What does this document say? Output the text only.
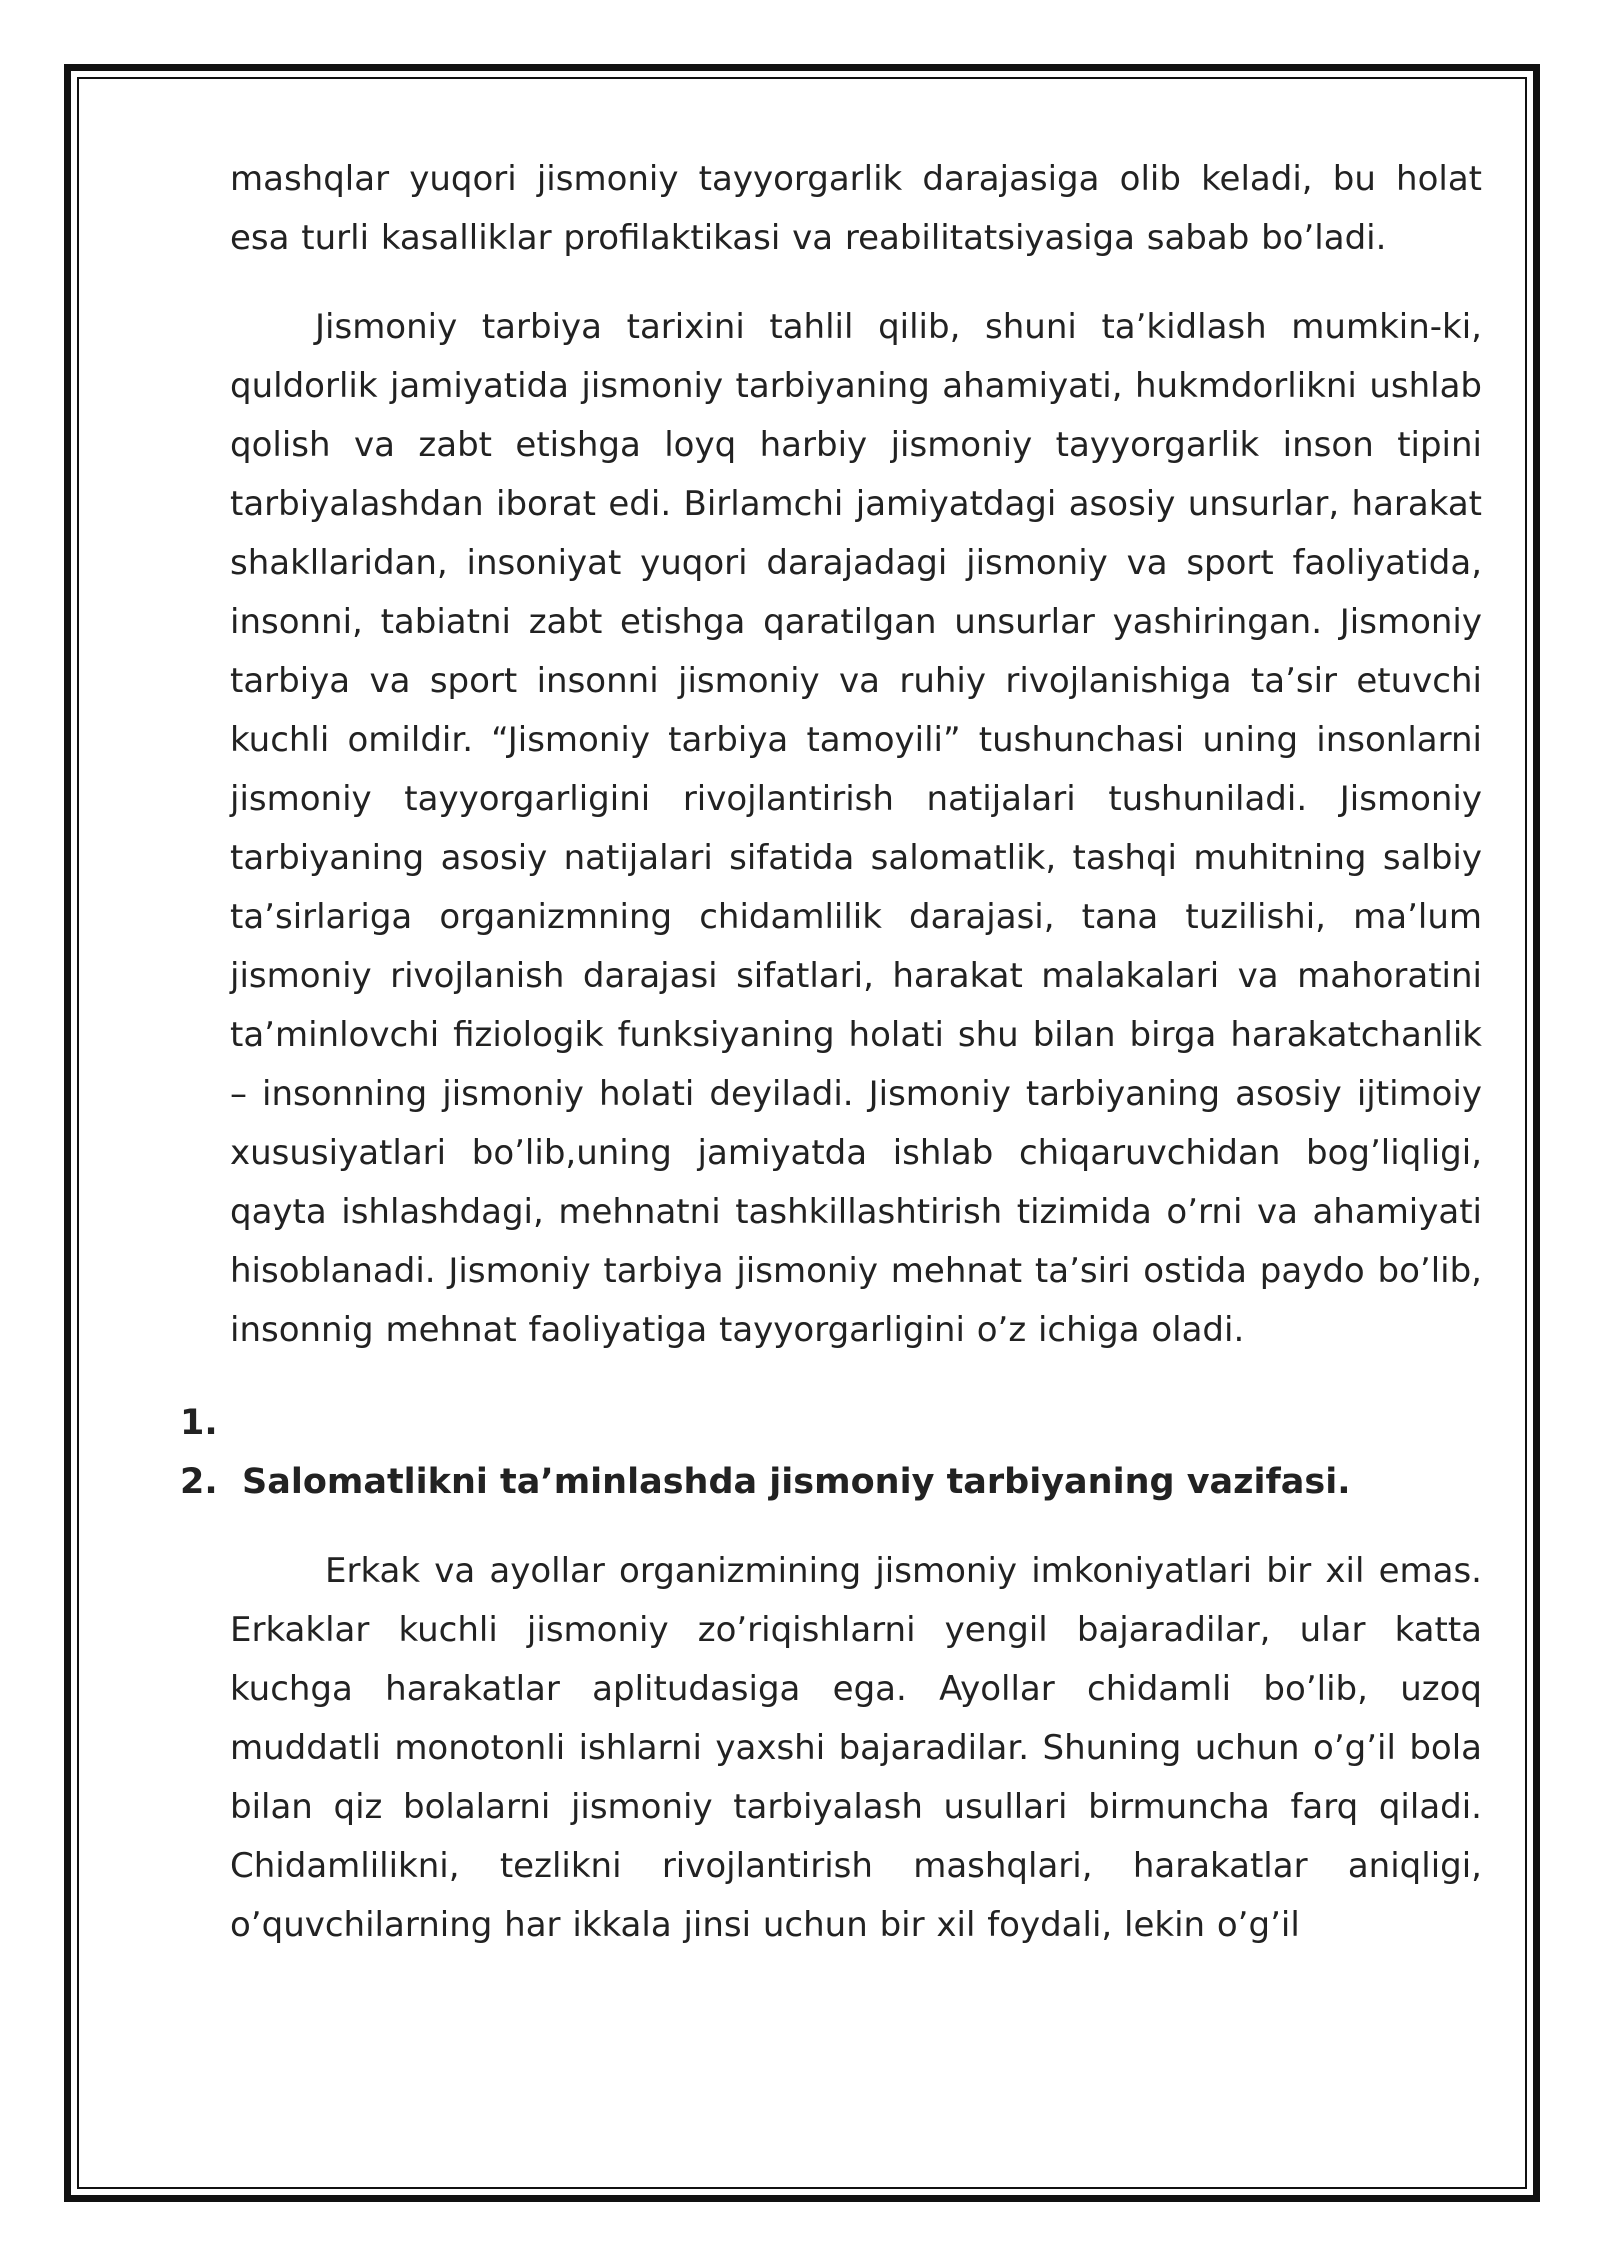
mashqlar yuqori jismoniy tayyorgarlik darajasiga olib keladi, bu holat esa turli kasalliklar profilaktikasi va reabilitatsiyasiga sabab bo’ladi.

Jismoniy tarbiya tarixini tahlil qilib, shuni ta’kidlash mumkin-ki, quldorlik jamiyatida jismoniy tarbiyaning ahamiyati, hukmdorlikni ushlab qolish va zabt etishga loyq harbiy jismoniy tayyorgarlik inson tipini tarbiyalashdan iborat edi. Birlamchi jamiyatdagi asosiy unsurlar, harakat shakllaridan, insoniyat yuqori darajadagi jismoniy va sport faoliyatida, insonni, tabiatni zabt etishga qaratilgan unsurlar yashiringan. Jismoniy tarbiya va sport insonni jismoniy va ruhiy rivojlanishiga ta’sir etuvchi kuchli omildir. “Jismoniy tarbiya tamoyili” tushunchasi uning insonlarni jismoniy tayyorgarligini rivojlantirish natijalari tushuniladi. Jismoniy tarbiyaning asosiy natijalari sifatida salomatlik, tashqi muhitning salbiy ta’sirlariga organizmning chidamlilik darajasi, tana tuzilishi, ma’lum jismoniy rivojlanish darajasi sifatlari, harakat malakalari va mahoratini ta’minlovchi fiziologik funksiyaning holati shu bilan birga harakatchanlik – insonning jismoniy holati deyiladi. Jismoniy tarbiyaning asosiy ijtimoiy xususiyatlari bo’lib,uning jamiyatda ishlab chiqaruvchidan bog’liqligi, qayta ishlashdagi, mehnatni tashkillashtirish tizimida o’rni va ahamiyati hisoblanadi. Jismoniy tarbiya jismoniy mehnat ta’siri ostida paydo bo’lib, insonnig mehnat faoliyatiga tayyorgarligini o’z ichiga oladi.

1.
2. Salomatlikni ta’minlashda jismoniy tarbiyaning vazifasi.

Erkak va ayollar organizmining jismoniy imkoniyatlari bir xil emas. Erkaklar kuchli jismoniy zo’riqishlarni yengil bajaradilar, ular katta kuchga harakatlar aplitudasiga ega. Ayollar chidamli bo’lib, uzoq muddatli monotonli ishlarni yaxshi bajaradilar. Shuning uchun o’g’il bola bilan qiz bolalarni jismoniy tarbiyalash usullari birmuncha farq qiladi. Chidamlilikni, tezlikni rivojlantirish mashqlari, harakatlar aniqligi, o’quvchilarning har ikkala jinsi uchun bir xil foydali, lekin o’g’il
